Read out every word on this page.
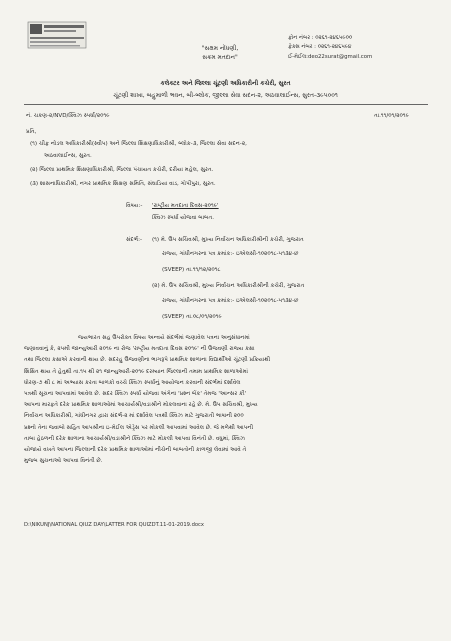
"સક્ષમ નોંધણી,
સક્રમ મતદાન"
ફોન નંબર : ૦૨૬૧-૨૪૬૫૯૦૦
ફેક્સ નંબર : ૦૨૬૧-૨૪૬૫૯૪
ઈ-મેઈલ:deo22surat@gmail.com
કલેક્ટર અને જિલ્લા ચૂંટણી અધિકારીની કચેરી, સુરત
ચૂંટણી શાખા, બહુમાળી ભવન, બી-બ્લોક, જીલ્લા સેવા સદન-૨, અઠવાલાઈન્સ, સુરત-૩૯૫૦૦૧
નં. ચકણ-૨/NVD/ક્વિઝ સ્પર્ધા/૨૦૧૯	તા.૧૧/૦૧/૨૦૧૯
પ્રતિ,
(૧) ચીફ નોડલ અધિકારીશ્રી(સ્વીપ) અને જિલ્લા શિક્ષણાધિકારીશ્રી, બ્લોક-૩, જિલ્લા સેવા સદન-૨,
અઠવાલાઈન્સ, સુરત.
(૨) જિલ્લા પ્રાથમિક શિક્ષણાધિકારીશ્રી, જિલ્લા પંચાયત કચેરી, દરીયા મહેલ, સુરત.
(૩) શાસનાધિકારીશ્રી, નગર પ્રાથમિક શિક્ષણ સમિતિ, સંઘાડિયા વાડ, ગોપીપુરા, સુરત.
વિષય:- 'રાષ્ટ્રીય મતદાતા દિવસ-૨૦૧૯'
ક્વિઝ સ્પર્ધા યોજવા બાબત.
સંદર્ભ:- (૧) મે. ઉપ સચિવશ્રી, મુખ્ય નિર્વાચન અધિકારીશ્રીની કચેરી, ગુજરાત
રાજ્ય, ગાંધીનગરના પત્ર ક્રમાંક:- ઇએલસી-૧૦૨૦૧૮-૫૧૩૪-છ
(SVEEP) તા.૧૧/૧૨/૨૦૧૮
(૨) મે. ઉપ સચિવશ્રી, મુખ્ય નિર્વાચન અધિકારીશ્રીની કચેરી, ગુજરાત
રાજ્ય, ગાંધીનગરના પત્ર ક્રમાંક:- ઇએલસી-૧૦૨૦૧૮-૫૧૩૪-છ
(SVEEP) તા.૦૮/૦૧/૨૦૧૯
જયભારત સહ ઉપરોક્ત વિષય અન્વયે સંદર્ભમાં જણાવેલ પત્રના અનુસંધાનમાં
જણાવવાનું કે, ૨૫મી જાન્યુઆરી ૨૦૧૯ ના રોજ 'રાષ્ટ્રીય મતદાતા દિવસ ૨૦૧૯' ની ઉજવણી રાજ્ય કક્ષા
તથા જિલ્લા કક્ષાએ કરવાની થાય છે. સદરહુ ઉજવણીના ભાગરૂપે પ્રાથમિક શાળાના વિદ્યાર્થીઓ ચૂંટણી પ્રક્રિયાથી
શિક્ષિત થાય તે હેતુથી તા.૧૫ થી ૨૧ જાન્યુઆરી-૨૦૧૯ દરમ્યાન જિલ્લાની તમામ પ્રાથમિક શાળાઓમાં
ધોરણ-૭ થી ૮ માં અભ્યાસ કરતા બાળકો વચ્ચે ક્વિઝ સ્પર્ધાનું આયોજન કરવાની સંદર્ભમાં દર્શાવેલ
પત્રથી સૂચના આપવામાં આવેલ છે. સદર ક્વિઝ સ્પર્ધા યોજવા અંગેના 'પ્રશ્ન બેંક' તેમજ 'આન્સર કી'
આપના મારફતે દરેક પ્રાથમિક શાળાઓમાં આચાર્યશ્રી/વડાશ્રીને મોકલવાના રહે છે. મે. ઉપ સચિવશ્રી, મુખ્ય
નિર્વાચન અધિકારીશ્રી, ગાંધીનગર દ્વારા સંદર્ભ-૨ માં દર્શાવેલ પત્રથી ક્વિઝ માટે ગુજરાતી ભાષાની ૨૦૦
પ્રશ્નો તેના જવાબો સહિત આપશ્રીના ઇ-મેઈલ એડ્રેસ પર મોકલી આપવામાં આવેલ છે. જે મળેથી આપની
તાબા હેઠળની દરેક શાળાના આચાર્યશ્રી/વડાશ્રીને ક્વિઝ માટે મોકલી આપવા વિનંતી છે. વધુમાં, ક્વિઝ
યોજાયે વખતે આપના જિલ્લાની દરેક પ્રાથમિક શાળાઓમાં નીચેની બાબતોની કાળજી લેવામાં આવે તે
મુજબ સુચનાઓ આપવા વિનંતી છે.
D:\NIKUNJ\NATIONAL QIUZ DAY\LATTER FOR QUIZDT.11-01-2019.docx
